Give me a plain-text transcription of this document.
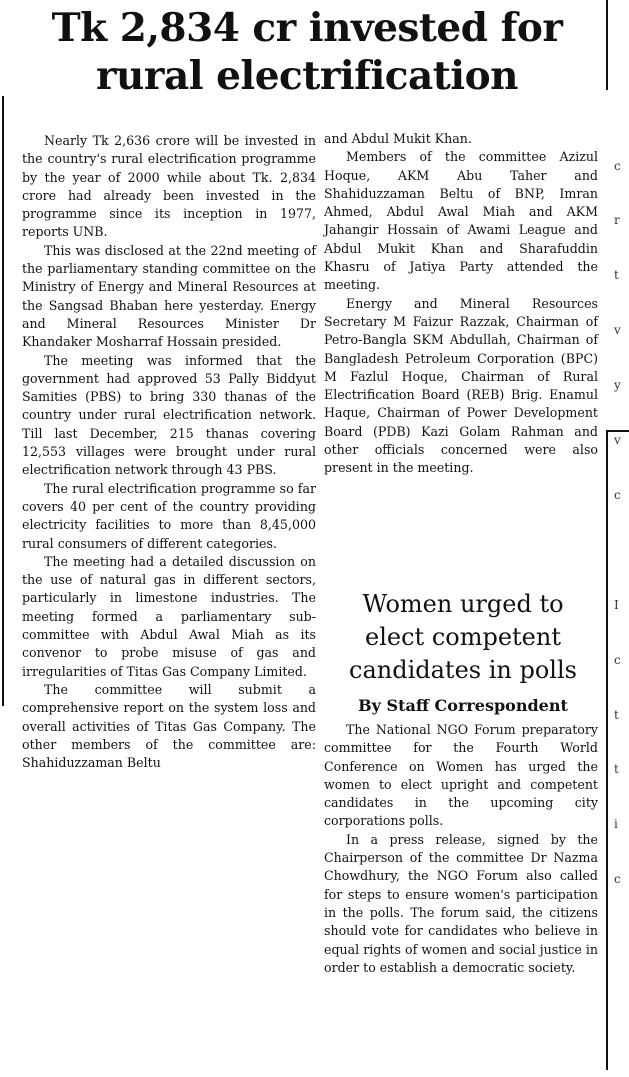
Tk 2,834 cr invested for
rural electrification

Nearly Tk 2,636 crore will be invested in the country's rural electrification programme by the year of 2000 while about Tk. 2,834 crore had already been invested in the programme since its inception in 1977, reports UNB.

This was disclosed at the 22nd meeting of the parliamentary standing committee on the Ministry of Energy and Mineral Resources at the Sangsad Bhaban here yesterday. Energy and Mineral Resources Minister Dr Khandaker Mosharraf Hossain presided.

The meeting was informed that the government had approved 53 Pally Biddyut Samities (PBS) to bring 330 thanas of the country under rural electrification network. Till last December, 215 thanas covering 12,553 villages were brought under rural electrification network through 43 PBS.

The rural electrification programme so far covers 40 per cent of the country providing electricity facilities to more than 8,45,000 rural consumers of different categories.

The meeting had a detailed discussion on the use of natural gas in different sectors, particularly in limestone industries. The meeting formed a parliamentary sub-committee with Abdul Awal Miah as its convenor to probe misuse of gas and irregularities of Titas Gas Company Limited.

The committee will submit a comprehensive report on the system loss and overall activities of Titas Gas Company. The other members of the committee are: Shahiduzzaman Beltu

and Abdul Mukit Khan.

Members of the committee Azizul Hoque, AKM Abu Taher and Shahiduzzaman Beltu of BNP, Imran Ahmed, Abdul Awal Miah and AKM Jahangir Hossain of Awami League and Abdul Mukit Khan and Sharafuddin Khasru of Jatiya Party attended the meeting.

Energy and Mineral Resources Secretary M Faizur Razzak, Chairman of Petro-Bangla SKM Abdullah, Chairman of Bangladesh Petroleum Corporation (BPC) M Fazlul Hoque, Chairman of Rural Electrification Board (REB) Brig. Enamul Haque, Chairman of Power Development Board (PDB) Kazi Golam Rahman and other officials concerned were also present in the meeting.

Women urged to
elect competent
candidates in polls
By Staff Correspondent

The National NGO Forum preparatory committee for the Fourth World Conference on Women has urged the women to elect upright and competent candidates in the upcoming city corporations polls.

In a press release, signed by the Chairperson of the committee Dr Nazma Chowdhury, the NGO Forum also called for steps to ensure women's participation in the polls. The forum said, the citizens should vote for candidates who believe in equal rights of women and social justice in order to establish a democratic society.

c

r

t

v

y

v

c

I

c

t

t

i

c
